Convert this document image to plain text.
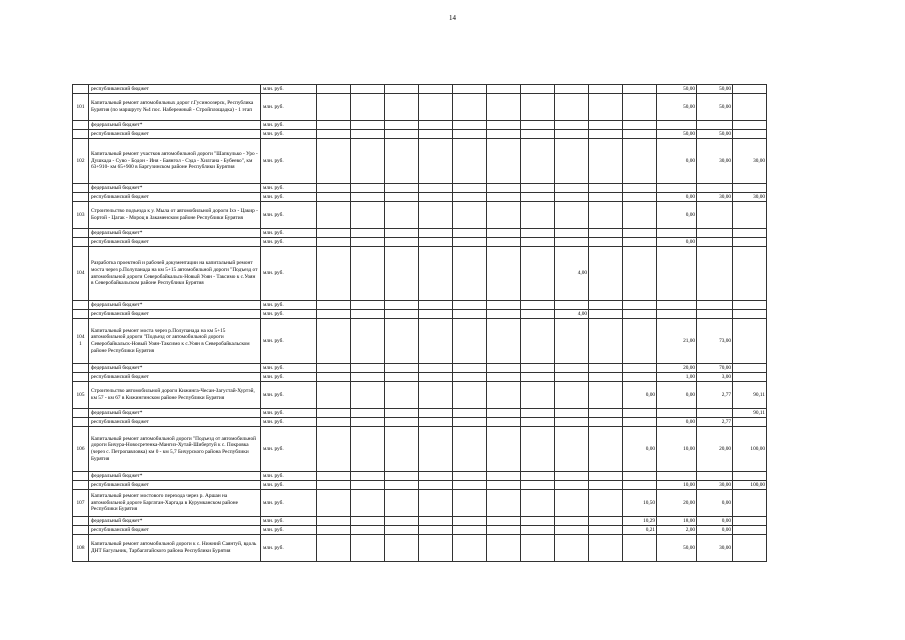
14
	республиканский бюджет	млн. руб.											50,00	50,00	
101	Капитальный ремонт автомобильных дорог г.Гусиноозерск, Республика Бурятия (по маршруту №4 пос. Набережный - Стройплощадка) - 1 этап	млн. руб.											50,00	50,00	
	федеральный бюджет*	млн. руб.													
	республиканский бюджет	млн. руб.											50,00	50,00	
102	Капитальный ремонт участков автомобильной дороги "Шапкулько - Уро - Душкада - Суво - Бодон - Иня - Баянгол - Сэда - Хилгана - Бубеево", км 63+910- км 65+900 в Баргузинском районе Республики Бурятия	млн. руб.											0,00	30,00	30,00
	федеральный бюджет*	млн. руб.													
	республиканский бюджет	млн. руб.											0,00	30,00	30,00
103	Строительство подъезда к у. Мыла от автомобильной дороги Іхэ - Цакир - Бортой - Цагак - Мороц в Закаменском районе Республики Бурятия	млн. руб.											0,00		
	федеральный бюджет*	млн. руб.													
	республиканский бюджет	млн. руб.											0,00		
104	Разработка проектной и рабочей документации на капитальный ремонт моста через р.Полупанада на км 5+15 автомобильной дороги "Подъезд от автомобильной дороги Северобайкальск-Новый Уоян - Таксимо к с.Уоян в Северобайкальском районе Республики Бурятия	млн. руб.								4,00					
	федеральный бюджет*	млн. руб.													
	республиканский бюджет	млн. руб.								4,00					
104 1	Капитальный ремонт моста через р.Полупанада на км 5+15 автомобильной дороги "Подъезд от автомобильной дороги Северобайкальск-Новый Уоян-Таксимо к с.Уоян в Северобайкальском районе Республики Бурятия	млн. руб.											21,00	73,00	
	федеральный бюджет*	млн. руб.											20,00	70,00	
	республиканский бюджет	млн. руб.											1,00	3,00	
105	Строительство автомобильной дороги Кижинга-Чесан-Загустай-Хуртэй, км 57 - км 67 в Кижингинском районе Республики Бурятия	млн. руб.										0,00	0,00	2,77	90,11
	федеральный бюджет*	млн. руб.													90,11
	республиканский бюджет	млн. руб.											0,00	2,77	
106	Капитальный ремонт автомобильной дороги "Подъезд от автомобильной дороги Бичура-Новосретенка-Мангиз-Хутай-Шибертуй к с. Покровка (через с. Петропавловка) км 0 - км 5,7 Бичурского района Республики Бурятия	млн. руб.										0,00	10,00	20,00	100,00
	федеральный бюджет*	млн. руб.													
	республиканский бюджет	млн. руб.											10,00	30,00	100,00
107	Капитальный ремонт мостового перехода через р. Аршан на автомобильной дороге Баргатан-Харгада в Курумканском районе Республики Бурятия	млн. руб.										10,50	20,00	0,00	
	федеральный бюджет*	млн. руб.										10,29	18,00	0,00	
	республиканский бюджет	млн. руб.										0,21	2,00	0,00	
108	Капитальный ремонт автомобильной дороги к с. Нижний Саянтуй, вдоль ДНТ Багульник, Тарбагатайского района Республики Бурятия	млн. руб.											50,00	30,00	
